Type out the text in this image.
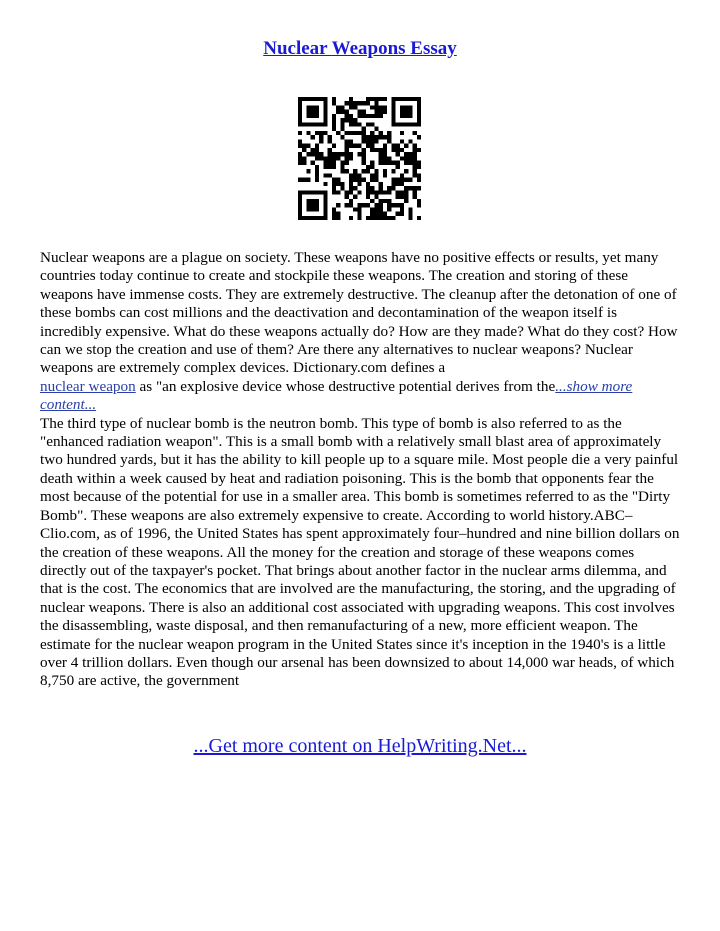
Nuclear Weapons Essay

Nuclear weapons are a plague on society. These weapons have no positive effects or results, yet many countries today continue to create and stockpile these weapons. The creation and storing of these weapons have immense costs. They are extremely destructive. The cleanup after the detonation of one of these bombs can cost millions and the deactivation and decontamination of the weapon itself is incredibly expensive. What do these weapons actually do? How are they made? What do they cost? How can we stop the creation and use of them? Are there any alternatives to nuclear weapons? Nuclear weapons are extremely complex devices. Dictionary.com defines a
nuclear weapon as "an explosive device whose destructive potential derives from the...show more content...

The third type of nuclear bomb is the neutron bomb. This type of bomb is also referred to as the "enhanced radiation weapon". This is a small bomb with a relatively small blast area of approximately two hundred yards, but it has the ability to kill people up to a square mile. Most people die a very painful death within a week caused by heat and radiation poisoning. This is the bomb that opponents fear the most because of the potential for use in a smaller area. This bomb is sometimes referred to as the "Dirty Bomb". These weapons are also extremely expensive to create. According to world history.ABC–Clio.com, as of 1996, the United States has spent approximately four–hundred and nine billion dollars on the creation of these weapons. All the money for the creation and storage of these weapons comes directly out of the taxpayer's pocket. That brings about another factor in the nuclear arms dilemma, and that is the cost. The economics that are involved are the manufacturing, the storing, and the upgrading of nuclear weapons. There is also an additional cost associated with upgrading weapons. This cost involves the disassembling, waste disposal, and then remanufacturing of a new, more efficient weapon. The estimate for the nuclear weapon program in the United States since it's inception in the 1940's is a little over 4 trillion dollars. Even though our arsenal has been downsized to about 14,000 war heads, of which 8,750 are active, the government

...Get more content on HelpWriting.Net...
